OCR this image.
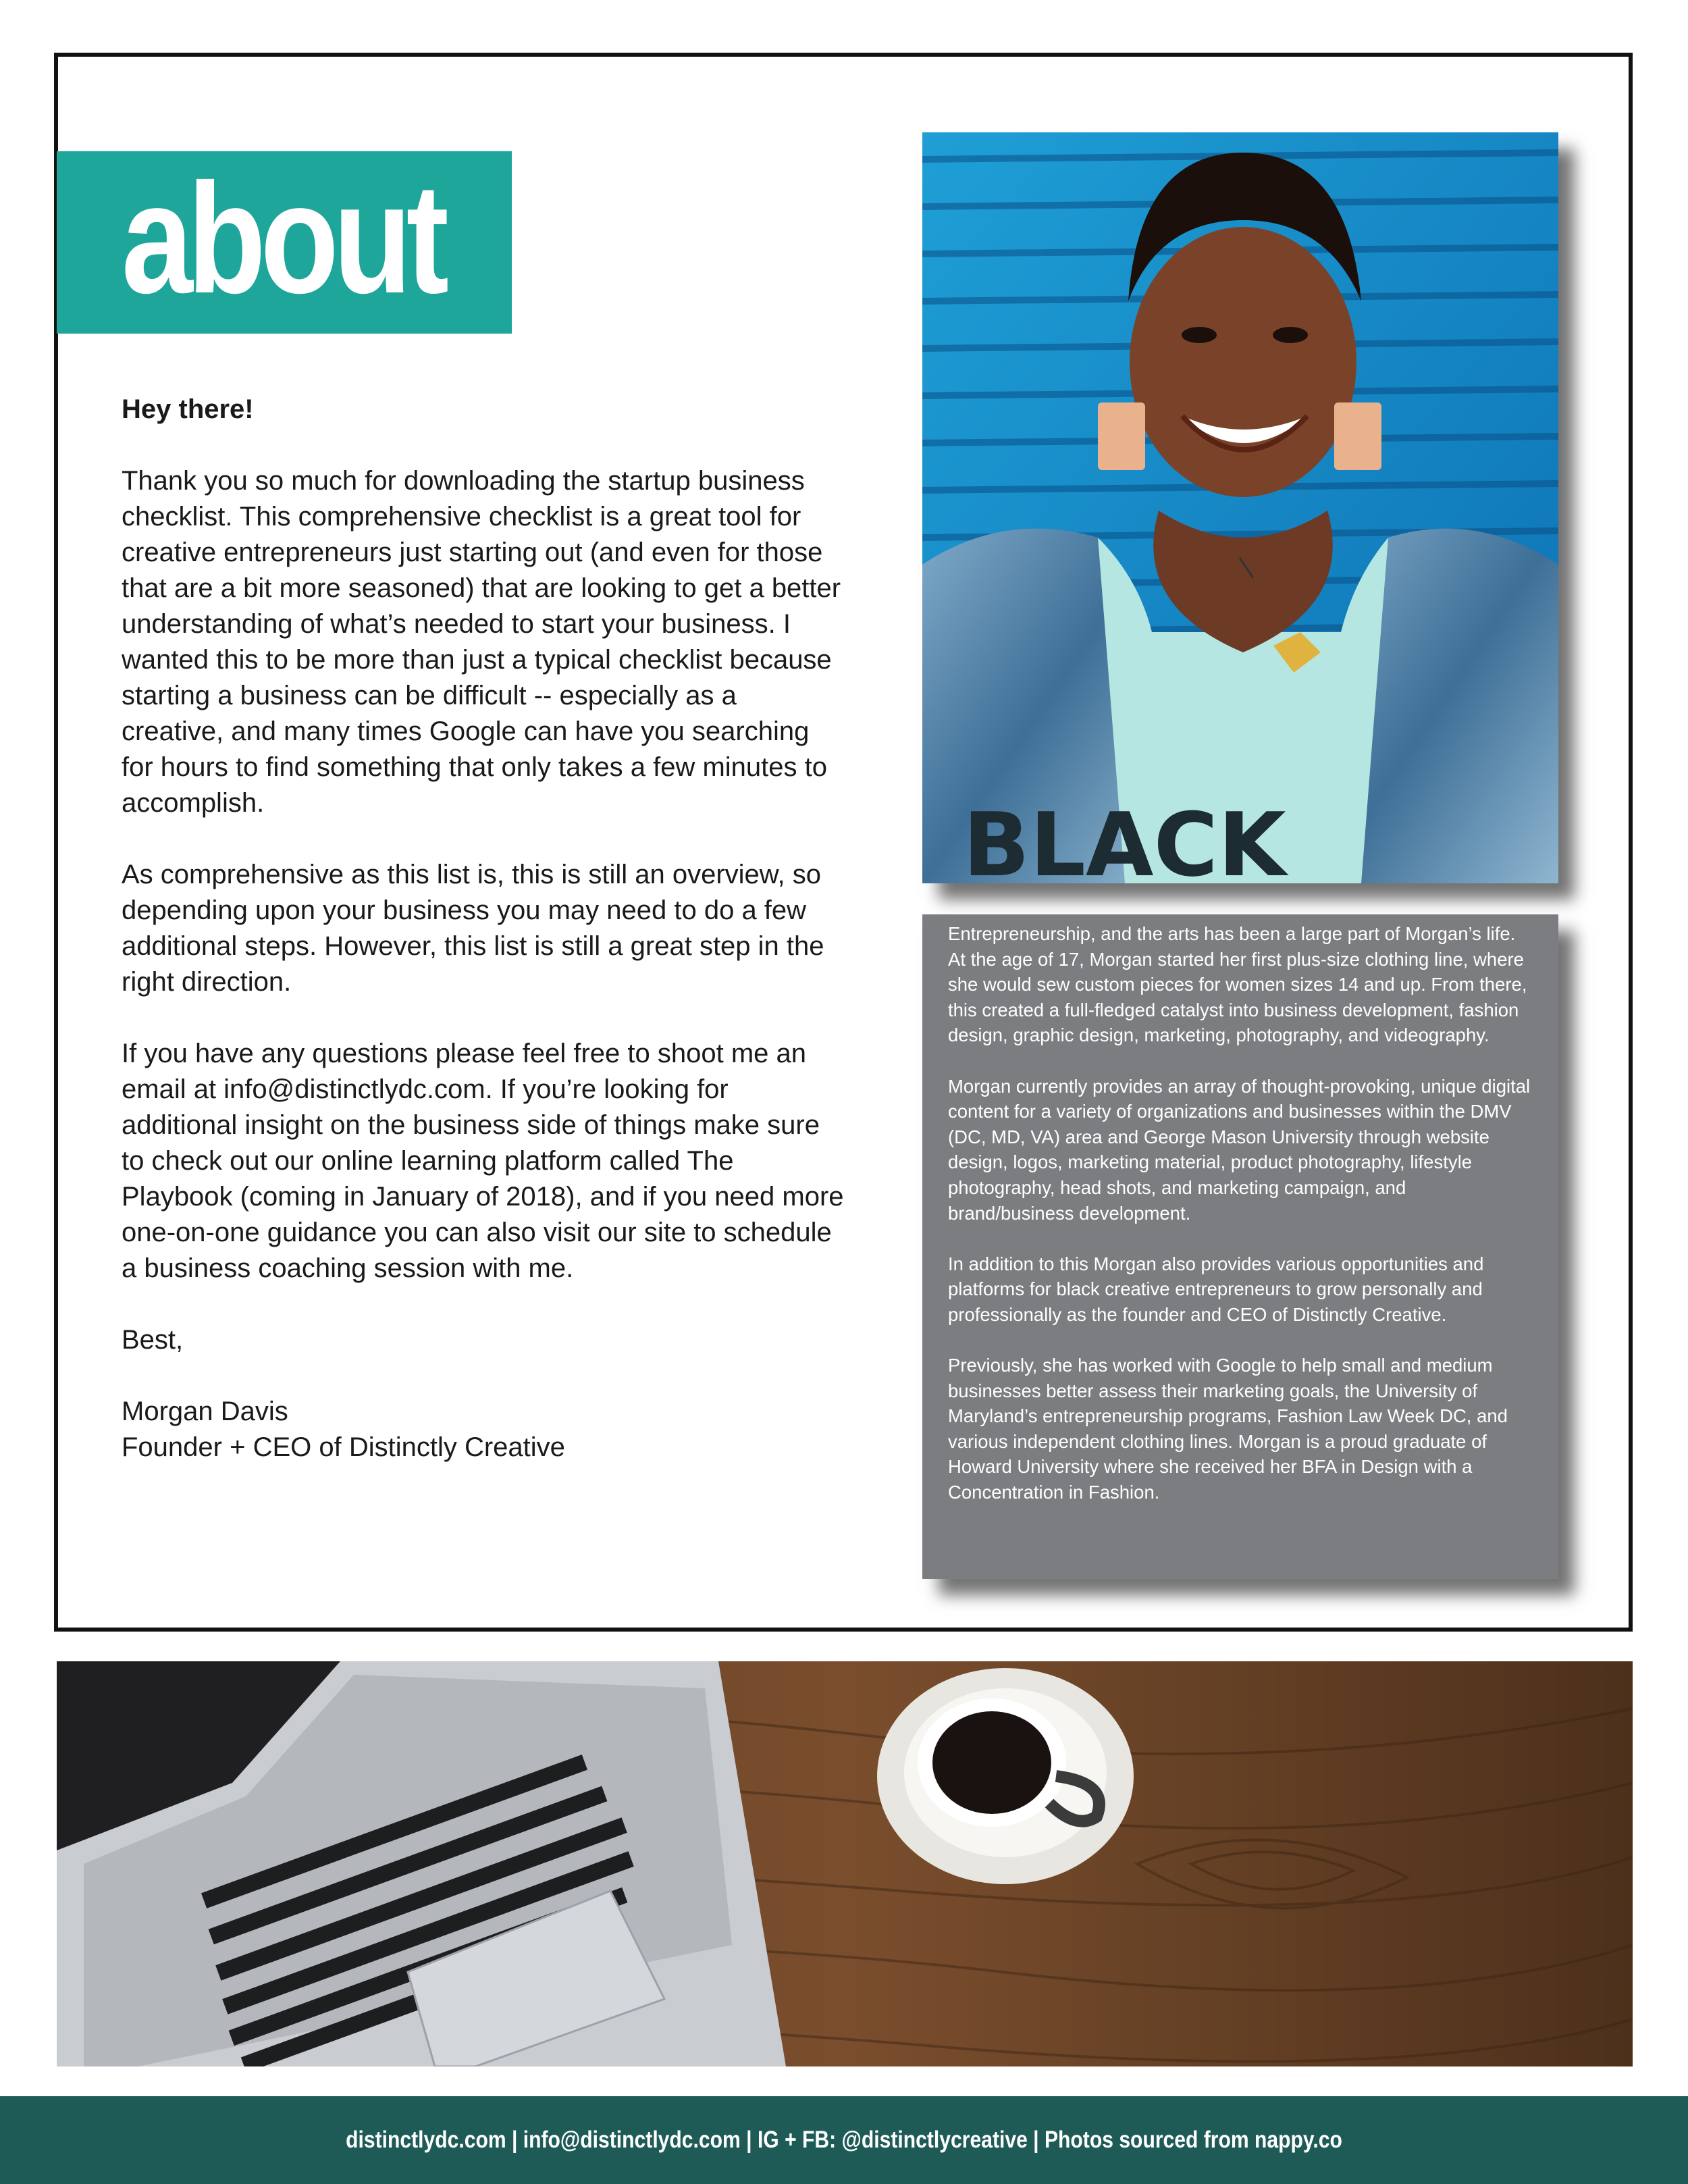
about

Hey there!

Thank you so much for downloading the startup business checklist. This comprehensive checklist is a great tool for creative entrepreneurs just starting out (and even for those that are a bit more seasoned) that are looking to get a better understanding of what’s needed to start your business. I wanted this to be more than just a typical checklist because starting a business can be difficult -- especially as a creative, and many times Google can have you searching for hours to find something that only takes a few minutes to accomplish.

As comprehensive as this list is, this is still an overview, so depending upon your business you may need to do a few additional steps. However, this list is still a great step in the right direction.

If you have any questions please feel free to shoot me an email at info@distinctlydc.com. If you’re looking for additional insight on the business side of things make sure to check out our online learning platform called The Playbook (coming in January of 2018), and if you need more one-on-one guidance you can also visit our site to schedule a business coaching session with me.

Best,

Morgan Davis

Founder + CEO of Distinctly Creative

BLACK

Entrepreneurship, and the arts has been a large part of Morgan’s life. At the age of 17, Morgan started her first plus-size clothing line, where she would sew custom pieces for women sizes 14 and up. From there, this created a full-fledged catalyst into business development, fashion design, graphic design, marketing, photography, and videography.

Morgan currently provides an array of thought-provoking, unique digital content for a variety of organizations and businesses within the DMV (DC, MD, VA) area and George Mason University through website design, logos, marketing material, product photography, lifestyle photography, head shots, and marketing campaign, and brand/business development.

In addition to this Morgan also provides various opportunities and platforms for black creative entrepreneurs to grow personally and professionally as the founder and CEO of Distinctly Creative.

Previously, she has worked with Google to help small and medium businesses better assess their marketing goals, the University of Maryland’s entrepreneurship programs, Fashion Law Week DC, and various independent clothing lines. Morgan is a proud graduate of Howard University where she received her BFA in Design with a Concentration in Fashion.

distinctlydc.com | info@distinctlydc.com | IG + FB: @distinctlycreative | Photos sourced from nappy.co
